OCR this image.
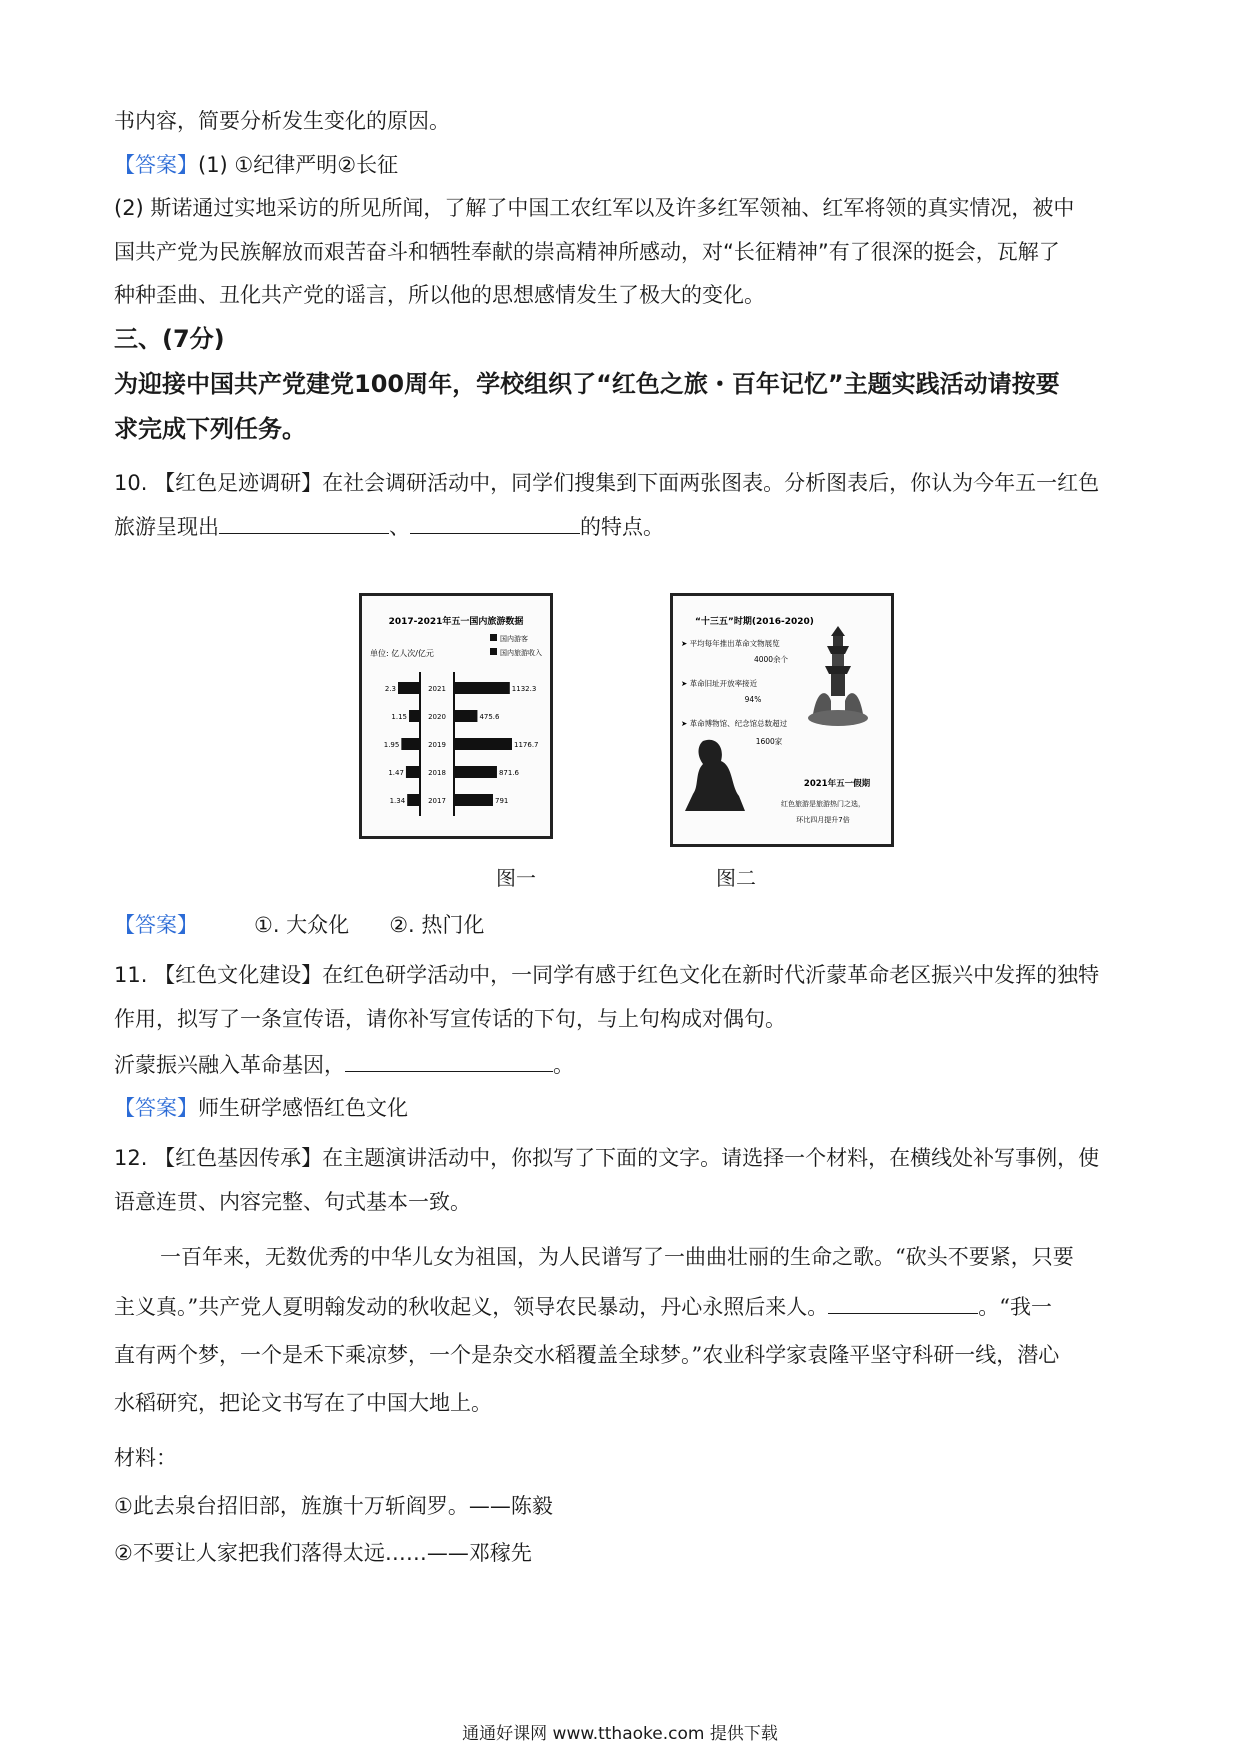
书内容，简要分析发生变化的原因。
【答案】(1) ①纪律严明②长征
(2) 斯诺通过实地采访的所见所闻，了解了中国工农红军以及许多红军领袖、红军将领的真实情况，被中
国共产党为民族解放而艰苦奋斗和牺牲奉献的崇高精神所感动，对“长征精神”有了很深的挺会，瓦解了
种种歪曲、丑化共产党的谣言，所以他的思想感情发生了极大的变化。
三、(7分)
为迎接中国共产党建党100周年，学校组织了“红色之旅・百年记忆”主题实践活动请按要
求完成下列任务。
10. 【红色足迹调研】在社会调研活动中，同学们搜集到下面两张图表。分析图表后，你认为今年五一红色
旅游呈现出	、	的特点。
2017-2021年五一国内旅游数据
单位: 亿人次/亿元
国内游客
国内旅游收入
2.3	2021	1132.3
1.15	2020	475.6
1.95	2019	1176.7
1.47	2018	871.6
1.34	2017	791
图一
“十三五”时期(2016-2020)
➤ 平均每年推出革命文物展览
4000余个
➤ 革命旧址开放率接近
94%
➤ 革命博物馆、纪念馆总数超过
1600家
2021年五一假期
红色旅游是旅游热门之选，
环比四月提升7倍
图二
【答案】	①. 大众化 ②. 热门化
11. 【红色文化建设】在红色研学活动中，一同学有感于红色文化在新时代沂蒙革命老区振兴中发挥的独特
作用，拟写了一条宣传语，请你补写宣传话的下句，与上句构成对偶句。
沂蒙振兴融入革命基因，	。
【答案】师生研学感悟红色文化
12. 【红色基因传承】在主题演讲活动中，你拟写了下面的文字。请选择一个材料，在横线处补写事例，使
语意连贯、内容完整、句式基本一致。
一百年来，无数优秀的中华儿女为祖国，为人民谱写了一曲曲壮丽的生命之歌。“砍头不要紧，只要
主义真。”共产党人夏明翰发动的秋收起义，领导农民暴动，丹心永照后来人。	。“我一
直有两个梦，一个是禾下乘凉梦，一个是杂交水稻覆盖全球梦。”农业科学家袁隆平坚守科研一线，潜心
水稻研究，把论文书写在了中国大地上。
材料：
①此去泉台招旧部，旌旗十万斩阎罗。——陈毅
②不要让人家把我们落得太远……——邓稼先
通通好课网 www.tthaoke.com 提供下载
